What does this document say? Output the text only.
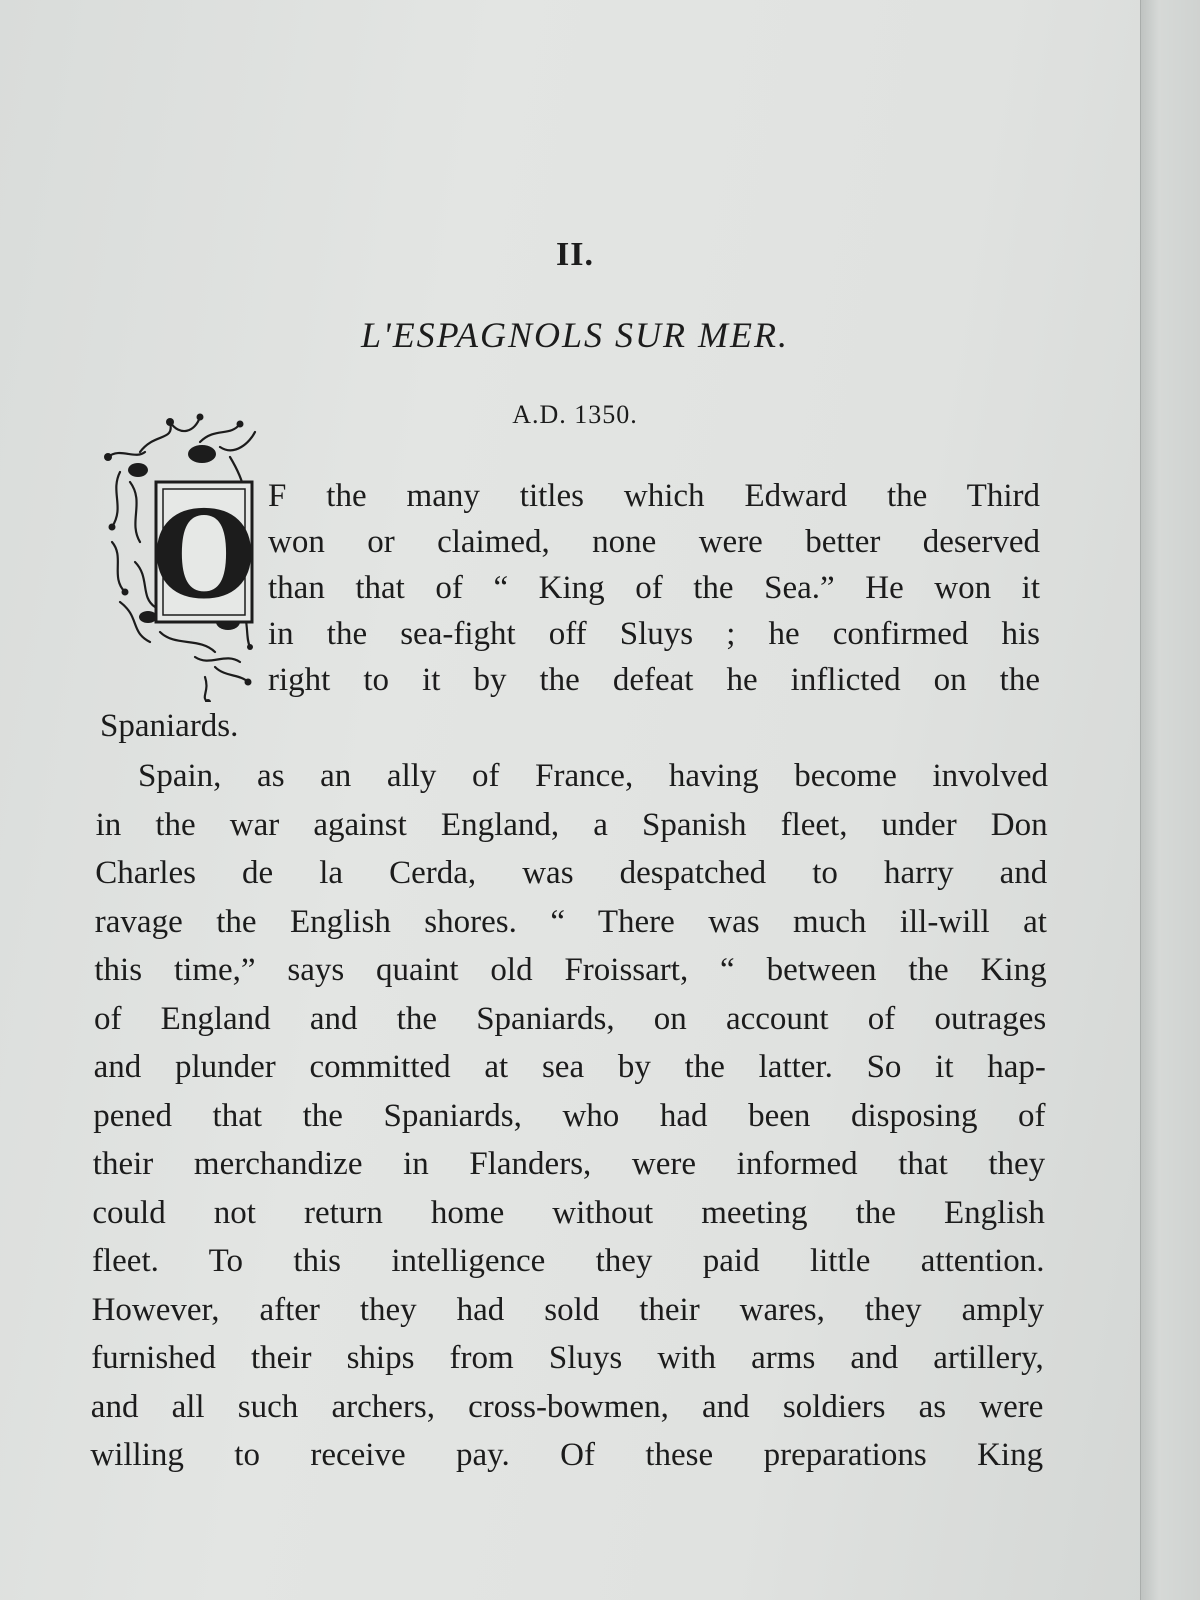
II.
L'ESPAGNOLS SUR MER.
A.D. 1350.
O F the many titles which Edward the Third
won or claimed, none were better deserved
than that of “ King of the Sea.” He won it
in the sea-fight off Sluys ; he confirmed his
right to it by the defeat he inflicted on the
Spaniards.
Spain, as an ally of France, having become involved
in the war against England, a Spanish fleet, under Don
Charles de la Cerda, was despatched to harry and
ravage the English shores. “ There was much ill-will at
this time,” says quaint old Froissart, “ between the King
of England and the Spaniards, on account of outrages
and plunder committed at sea by the latter. So it hap-
pened that the Spaniards, who had been disposing of
their merchandize in Flanders, were informed that they
could not return home without meeting the English
fleet. To this intelligence they paid little attention.
However, after they had sold their wares, they amply
furnished their ships from Sluys with arms and artillery,
and all such archers, cross-bowmen, and soldiers as were
willing to receive pay. Of these preparations King
